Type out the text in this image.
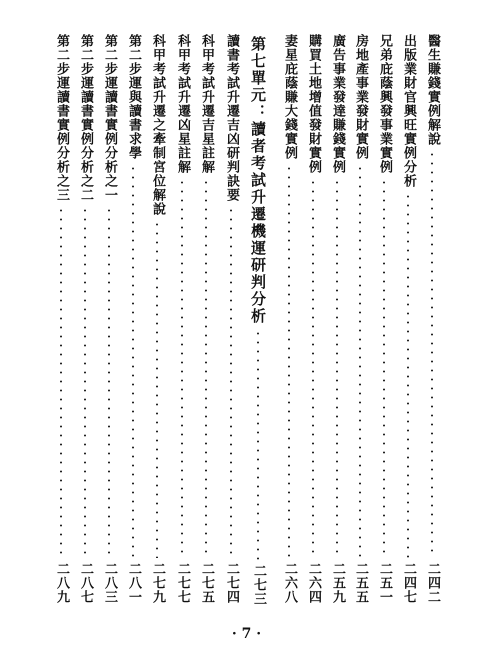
醫生賺錢實例解說
二四二
出版業財官興旺實例分析
二四七
兄弟庇蔭興發事業實例
二五一
房地產事業發財實例
二五五
廣告事業發達賺錢實例
二五九
購買土地增值發財實例
二六四
妻星庇蔭賺大錢實例
二六八
第七單元：讀者考試升遷機運研判分析
二七三
讀書考試升遷吉凶研判訣要
二七四
科甲考試升遷吉星註解
二七五
科甲考試升遷凶星註解
二七七
科甲考試升遷之牽制宮位解說
二七九
第二步運與讀書求學
二八一
第二步運讀書實例分析之一
二八三
第二步運讀書實例分析之二
二八七
第二步運讀書實例分析之三
二八九
· 7 ·
